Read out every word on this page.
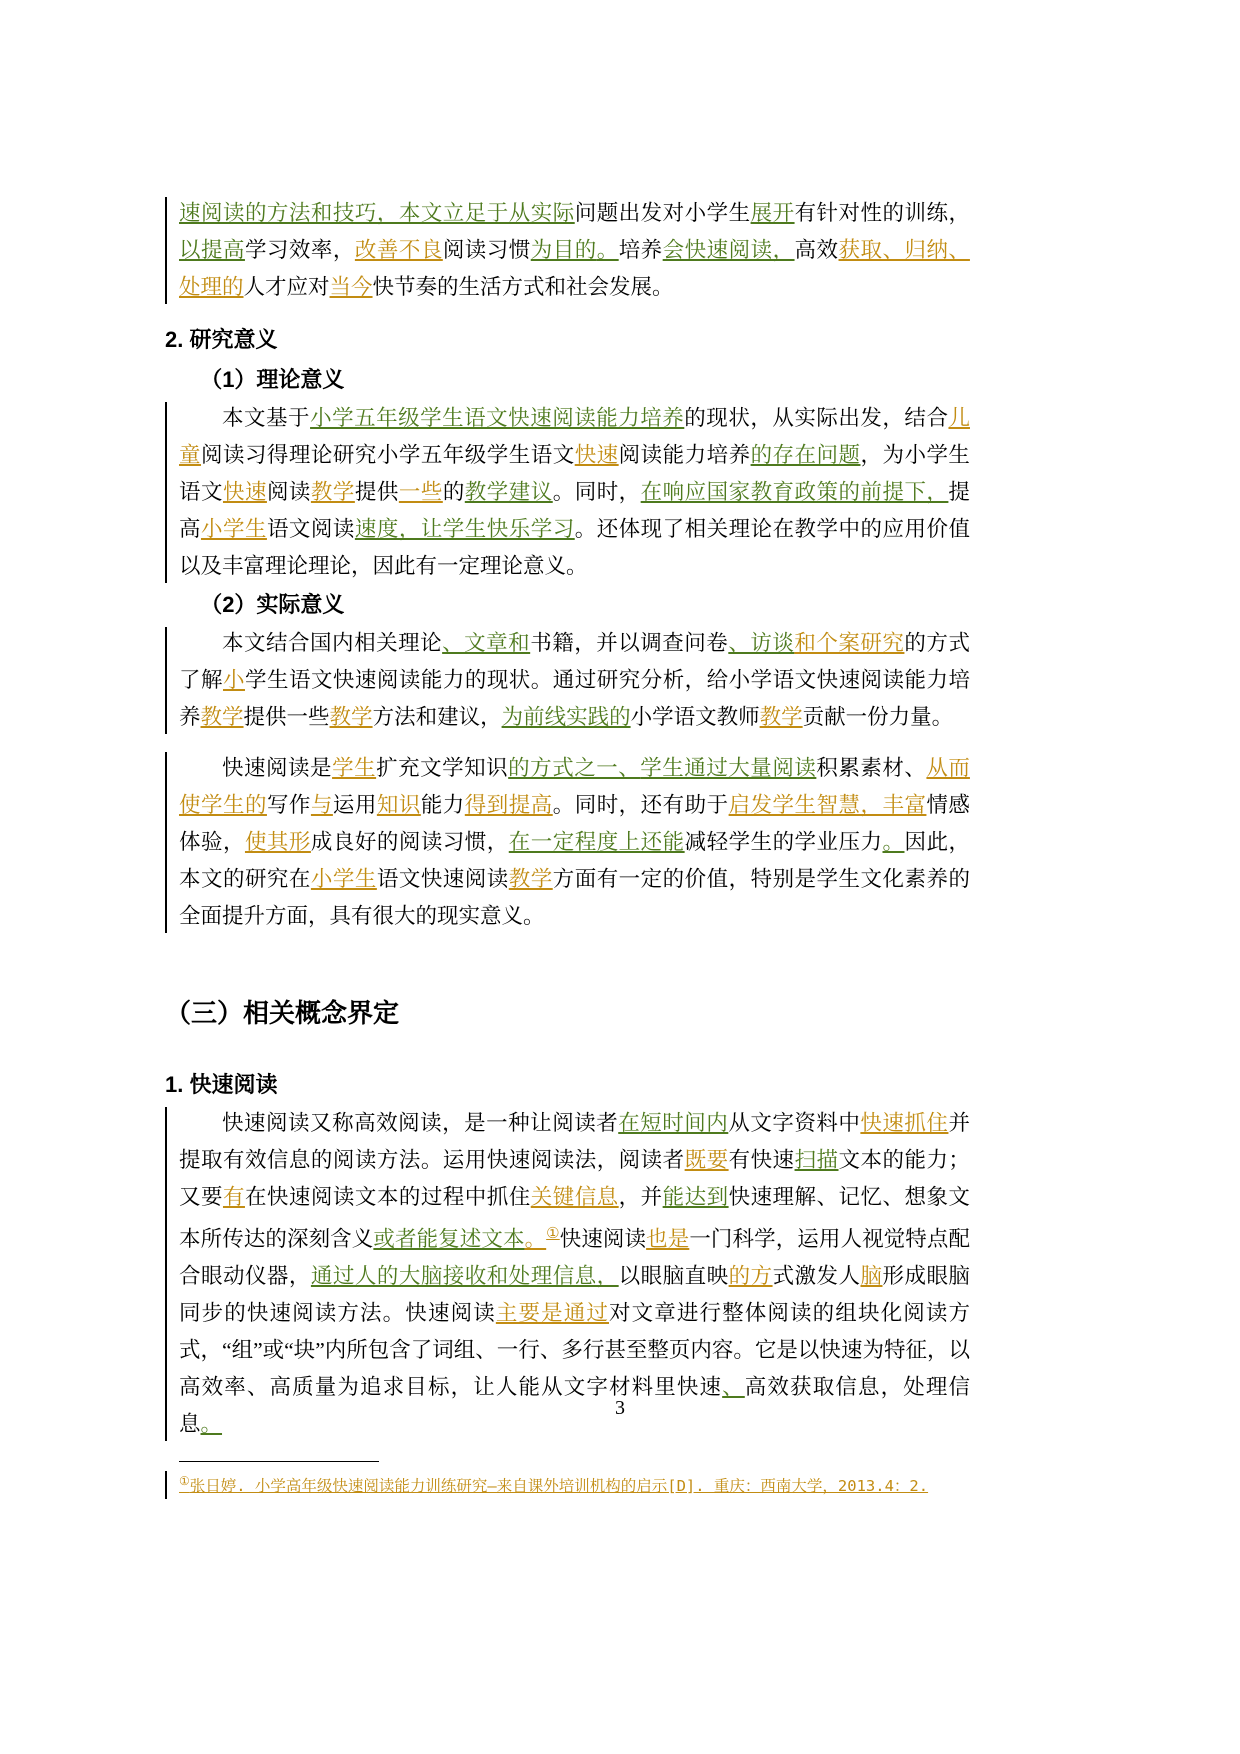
速阅读的方法和技巧，本文立足于从实际问题出发对小学生展开有针对性的训练，以提高学习效率，改善不良阅读习惯为目的。培养会快速阅读，高效获取、归纳、处理的人才应对当今快节奏的生活方式和社会发展。

2. 研究意义
（1）理论意义

本文基于小学五年级学生语文快速阅读能力培养的现状，从实际出发，结合儿童阅读习得理论研究小学五年级学生语文快速阅读能力培养的存在问题，为小学生语文快速阅读教学提供一些的教学建议。同时，在响应国家教育政策的前提下，提高小学生语文阅读速度，让学生快乐学习。还体现了相关理论在教学中的应用价值以及丰富理论理论，因此有一定理论意义。

（2）实际意义

本文结合国内相关理论、文章和书籍，并以调查问卷、访谈和个案研究的方式了解小学生语文快速阅读能力的现状。通过研究分析，给小学语文快速阅读能力培养教学提供一些教学方法和建议，为前线实践的小学语文教师教学贡献一份力量。

快速阅读是学生扩充文学知识的方式之一、学生通过大量阅读积累素材、从而使学生的写作与运用知识能力得到提高。同时，还有助于启发学生智慧，丰富情感体验，使其形成良好的阅读习惯，在一定程度上还能减轻学生的学业压力。因此，本文的研究在小学生语文快速阅读教学方面有一定的价值，特别是学生文化素养的全面提升方面，具有很大的现实意义。

（三）相关概念界定
1. 快速阅读

快速阅读又称高效阅读，是一种让阅读者在短时间内从文字资料中快速抓住并提取有效信息的阅读方法。运用快速阅读法，阅读者既要有快速扫描文本的能力；又要有在快速阅读文本的过程中抓住关键信息，并能达到快速理解、记忆、想象文本所传达的深刻含义或者能复述文本。①快速阅读也是一门科学，运用人视觉特点配合眼动仪器，通过人的大脑接收和处理信息，以眼脑直映的方式激发人脑形成眼脑同步的快速阅读方法。快速阅读主要是通过对文章进行整体阅读的组块化阅读方式，“组”或“块”内所包含了词组、一行、多行甚至整页内容。它是以快速为特征，以高效率、高质量为追求目标，让人能从文字材料里快速、高效获取信息，处理信息。

①张日婷. 小学高年级快速阅读能力训练研究—来自课外培训机构的启示[D]. 重庆：西南大学，2013.4：2.

3
